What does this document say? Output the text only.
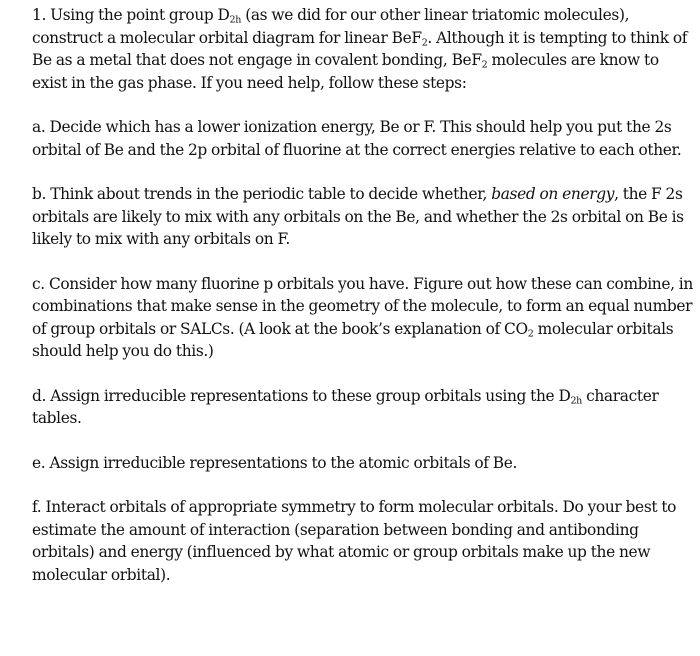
1. Using the point group $D_{2h}$ (as we did for our other linear triatomic molecules), construct a molecular orbital diagram for linear BeF$_2$. Although it is tempting to think of Be as a metal that does not engage in covalent bonding, BeF$_2$ molecules are know to exist in the gas phase. If you need help, follow these steps:

a. Decide which has a lower ionization energy, Be or F. This should help you put the 2s orbital of Be and the 2p orbital of fluorine at the correct energies relative to each other.

b. Think about trends in the periodic table to decide whether, based on energy, the F 2s orbitals are likely to mix with any orbitals on the Be, and whether the 2s orbital on Be is likely to mix with any orbitals on F.

c. Consider how many fluorine p orbitals you have. Figure out how these can combine, in combinations that make sense in the geometry of the molecule, to form an equal number of group orbitals or SALCs. (A look at the book’s explanation of $CO_2$ molecular orbitals should help you do this.)

d. Assign irreducible representations to these group orbitals using the $D_{2h}$ character tables.

e. Assign irreducible representations to the atomic orbitals of Be.

f. Interact orbitals of appropriate symmetry to form molecular orbitals. Do your best to estimate the amount of interaction (separation between bonding and antibonding orbitals) and energy (influenced by what atomic or group orbitals make up the new molecular orbital).
